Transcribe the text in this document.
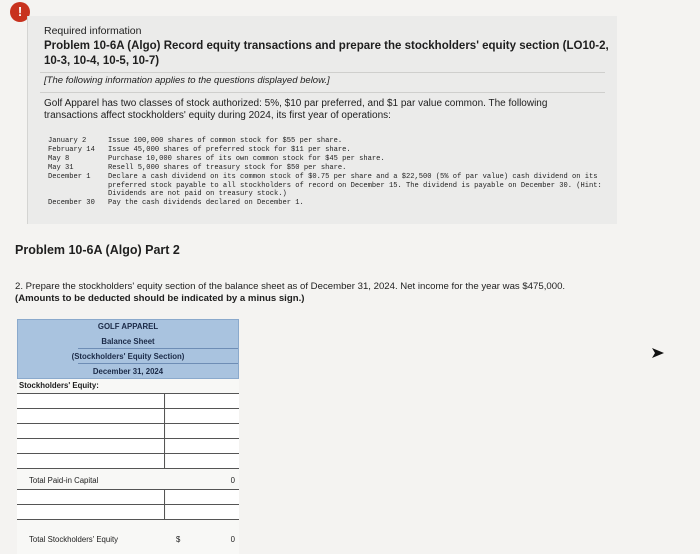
!
Required information
Problem 10-6A (Algo) Record equity transactions and prepare the stockholders' equity section (LO10-2, 10-3, 10-4, 10-5, 10-7)
[The following information applies to the questions displayed below.]
Golf Apparel has two classes of stock authorized: 5%, $10 par preferred, and $1 par value common. The following transactions affect stockholders' equity during 2024, its first year of operations:
January 2	Issue 100,000 shares of common stock for $55 per share.
February 14	Issue 45,000 shares of preferred stock for $11 per share.
May 8	Purchase 10,000 shares of its own common stock for $45 per share.
May 31	Resell 5,000 shares of treasury stock for $50 per share.
December 1	Declare a cash dividend on its common stock of $0.75 per share and a $22,500 (5% of par value) cash dividend on its preferred stock payable to all stockholders of record on December 15. The dividend is payable on December 30. (Hint: Dividends are not paid on treasury stock.)
December 30	Pay the cash dividends declared on December 1.
Problem 10-6A (Algo) Part 2
2. Prepare the stockholders' equity section of the balance sheet as of December 31, 2024. Net income for the year was $475,000.
(Amounts to be deducted should be indicated by a minus sign.)
GOLF APPAREL
Balance Sheet
(Stockholders' Equity Section)
December 31, 2024
Stockholders' Equity:
Total Paid-in Capital	0
Total Stockholders' Equity	$	0
